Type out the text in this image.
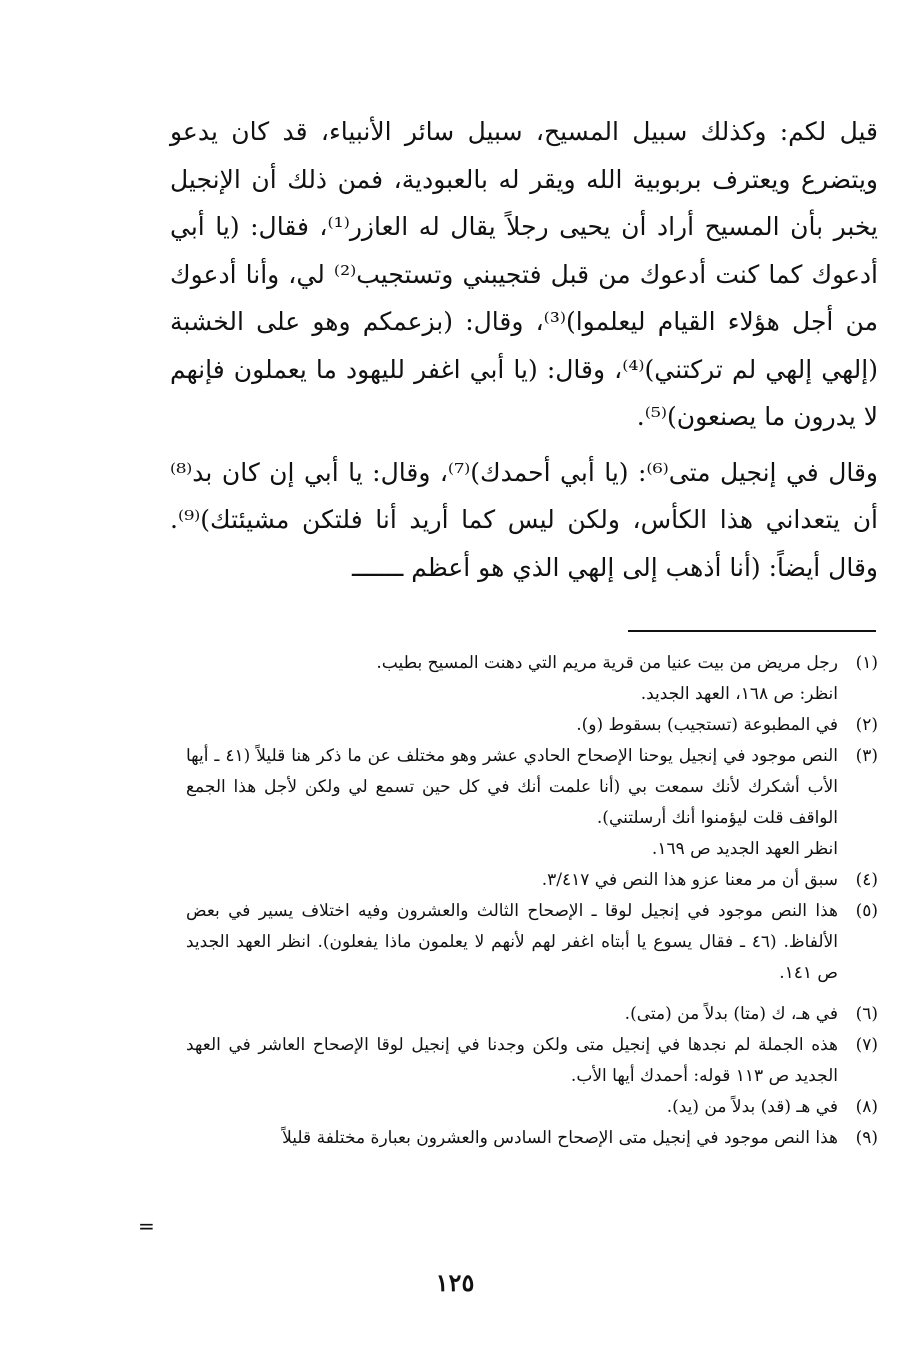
قيل لكم: وكذلك سبيل المسيح، سبيل سائر الأنبياء، قد كان يدعو ويتضرع ويعترف بربوبية الله ويقر له بالعبودية، فمن ذلك أن الإنجيل يخبر بأن المسيح أراد أن يحيى رجلاً يقال له العازر⁽¹⁾، فقال: (يا أبي أدعوك كما كنت أدعوك من قبل فتجيبني وتستجيب⁽²⁾ لي، وأنا أدعوك من أجل هؤلاء القيام ليعلموا)⁽³⁾، وقال: (بزعمكم وهو على الخشبة (إلهي إلهي لم تركتني)⁽⁴⁾، وقال: (يا أبي اغفر لليهود ما يعملون فإنهم لا يدرون ما يصنعون)⁽⁵⁾.

وقال في إنجيل متى⁽⁶⁾: (يا أبي أحمدك)⁽⁷⁾، وقال: يا أبي إن كان بد⁽⁸⁾ أن يتعداني هذا الكأس، ولكن ليس كما أريد أنا فلتكن مشيئتك)⁽⁹⁾. وقال أيضاً: (أنا أذهب إلى إلهي الذي هو أعظم ـــــــ

(١)
رجل مريض من بيت عنيا من قرية مريم التي دهنت المسيح بطيب.
انظر: ص ١٦٨، العهد الجديد.
(٢)
في المطبوعة (تستجيب) بسقوط (و).
(٣)
النص موجود في إنجيل يوحنا الإصحاح الحادي عشر وهو مختلف عن ما ذكر هنا قليلاً (٤١ ـ أيها الأب أشكرك لأنك سمعت بي (أنا علمت أنك في كل حين تسمع لي ولكن لأجل هذا الجمع الواقف قلت ليؤمنوا أنك أرسلتني).
انظر العهد الجديد ص ١٦٩.
(٤)
سبق أن مر معنا عزو هذا النص في ٣/٤١٧.
(٥)
هذا النص موجود في إنجيل لوقا ـ الإصحاح الثالث والعشرون وفيه اختلاف يسير في بعض الألفاظ. (٤٦ ـ فقال يسوع يا أبتاه اغفر لهم لأنهم لا يعلمون ماذا يفعلون). انظر العهد الجديد ص ١٤١.
(٦)
في هـ، ك (متا) بدلاً من (متى).
(٧)
هذه الجملة لم نجدها في إنجيل متى ولكن وجدنا في إنجيل لوقا الإصحاح العاشر في العهد الجديد ص ١١٣ قوله: أحمدك أيها الأب.
(٨)
في هـ (قد) بدلاً من (يد).
(٩)
هذا النص موجود في إنجيل متى الإصحاح السادس والعشرون بعبارة مختلفة قليلاً
=
١٢٥
